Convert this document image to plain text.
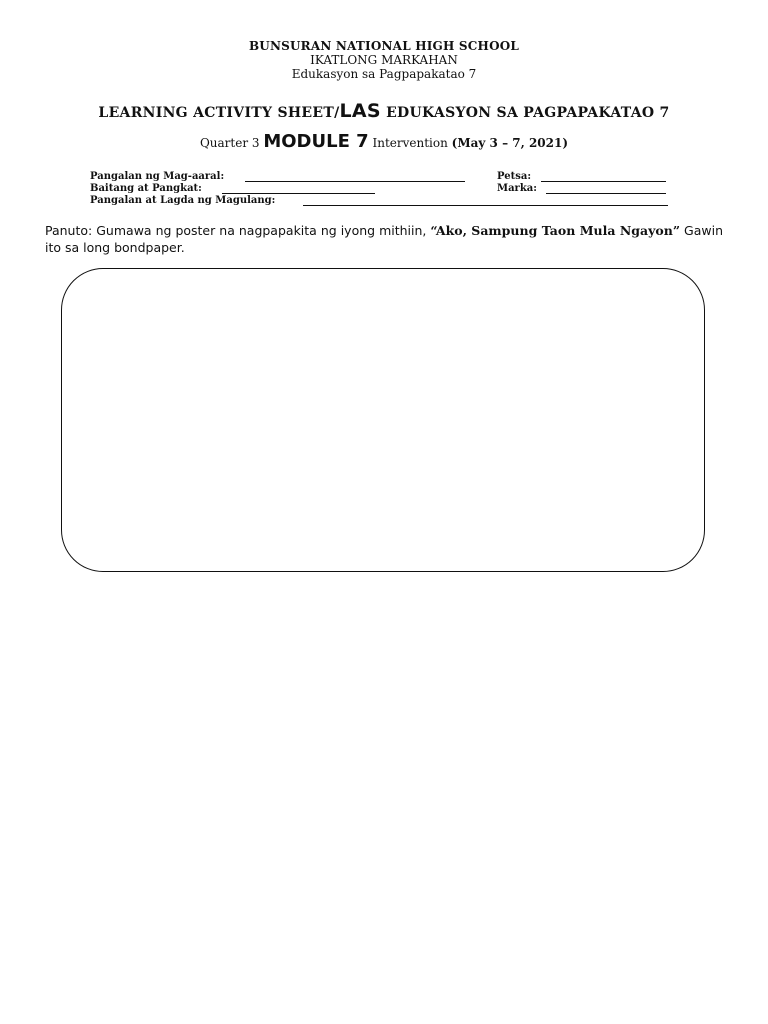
BUNSURAN NATIONAL HIGH SCHOOL
IKATLONG MARKAHAN
Edukasyon sa Pagpapakatao 7
LEARNING ACTIVITY SHEET/LAS EDUKASYON SA PAGPAPAKATAO 7
Quarter 3 MODULE 7 Intervention (May 3 – 7, 2021)
Pangalan ng Mag-aaral:	Petsa:
Baitang at Pangkat:	Marka:
Pangalan at Lagda ng Magulang:
Panuto: Gumawa ng poster na nagpapakita ng iyong mithiin, “Ako, Sampung Taon Mula Ngayon” Gawin ito sa long bondpaper.
